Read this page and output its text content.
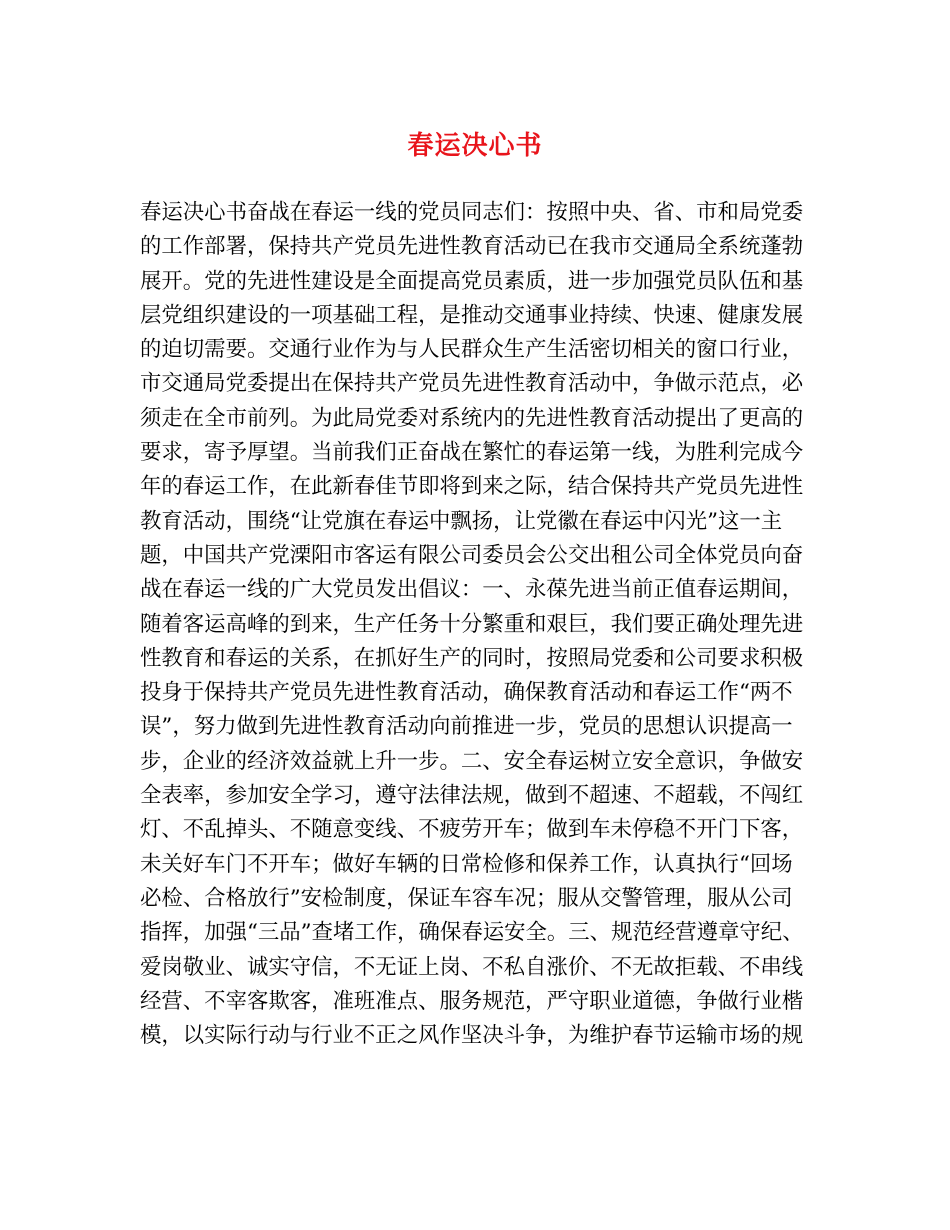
春运决心书
春运决心书奋战在春运一线的党员同志们：按照中央、省、市和局党委
的工作部署，保持共产党员先进性教育活动已在我市交通局全系统蓬勃
展开。党的先进性建设是全面提高党员素质，进一步加强党员队伍和基
层党组织建设的一项基础工程，是推动交通事业持续、快速、健康发展
的迫切需要。交通行业作为与人民群众生产生活密切相关的窗口行业，
市交通局党委提出在保持共产党员先进性教育活动中，争做示范点，必
须走在全市前列。为此局党委对系统内的先进性教育活动提出了更高的
要求，寄予厚望。当前我们正奋战在繁忙的春运第一线，为胜利完成今
年的春运工作，在此新春佳节即将到来之际，结合保持共产党员先进性
教育活动，围绕“让党旗在春运中飘扬，让党徽在春运中闪光”这一主
题，中国共产党溧阳市客运有限公司委员会公交出租公司全体党员向奋
战在春运一线的广大党员发出倡议：一、永葆先进当前正值春运期间，
随着客运高峰的到来，生产任务十分繁重和艰巨，我们要正确处理先进
性教育和春运的关系，在抓好生产的同时，按照局党委和公司要求积极
投身于保持共产党员先进性教育活动，确保教育活动和春运工作“两不
误”，努力做到先进性教育活动向前推进一步，党员的思想认识提高一
步，企业的经济效益就上升一步。二、安全春运树立安全意识，争做安
全表率，参加安全学习，遵守法律法规，做到不超速、不超载，不闯红
灯、不乱掉头、不随意变线、不疲劳开车；做到车未停稳不开门下客，
未关好车门不开车；做好车辆的日常检修和保养工作，认真执行“回场
必检、合格放行”安检制度，保证车容车况；服从交警管理，服从公司
指挥，加强“三品”查堵工作，确保春运安全。三、规范经营遵章守纪、
爱岗敬业、诚实守信，不无证上岗、不私自涨价、不无故拒载、不串线
经营、不宰客欺客，准班准点、服务规范，严守职业道德，争做行业楷
模，以实际行动与行业不正之风作坚决斗争，为维护春节运输市场的规
